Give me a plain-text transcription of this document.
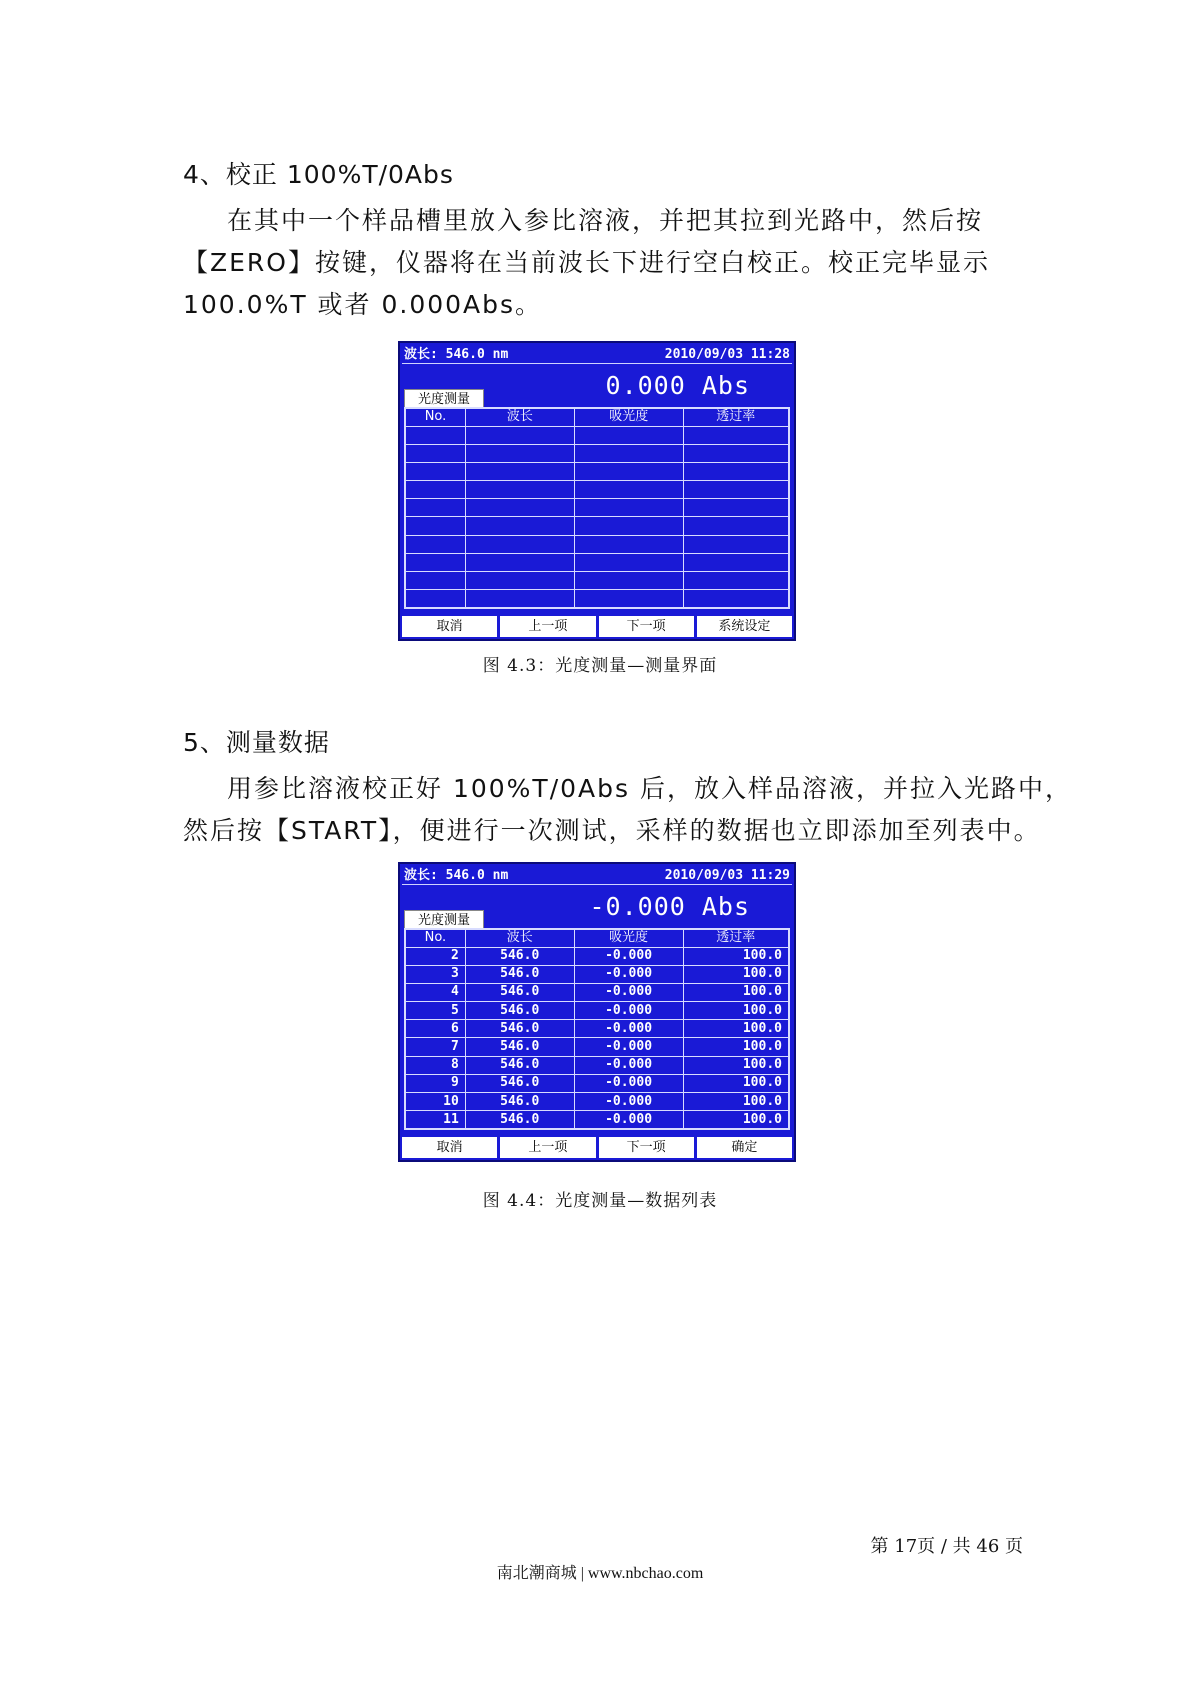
4、校正 100%T/0Abs
在其中一个样品槽里放入参比溶液，并把其拉到光路中，然后按
【ZERO】按键，仪器将在当前波长下进行空白校正。校正完毕显示
100.0%T 或者 0.000Abs。
波长: 546.0 nm	2010/09/03 11:28
0.000 Abs
光度测量
No.	波长	吸光度	透过率

取消	上一项	下一项	系统设定
图 4.3：光度测量—测量界面
5、测量数据
用参比溶液校正好 100%T/0Abs 后，放入样品溶液，并拉入光路中，
然后按【START】，便进行一次测试，采样的数据也立即添加至列表中。
波长: 546.0 nm	2010/09/03 11:29
-0.000 Abs
光度测量
No.	波长	吸光度	透过率
2	546.0	-0.000	100.0
3	546.0	-0.000	100.0
4	546.0	-0.000	100.0
5	546.0	-0.000	100.0
6	546.0	-0.000	100.0
7	546.0	-0.000	100.0
8	546.0	-0.000	100.0
9	546.0	-0.000	100.0
10	546.0	-0.000	100.0
11	546.0	-0.000	100.0
取消	上一项	下一项	确定
图 4.4：光度测量—数据列表
第 17页 / 共 46 页
南北潮商城 | www.nbchao.com
